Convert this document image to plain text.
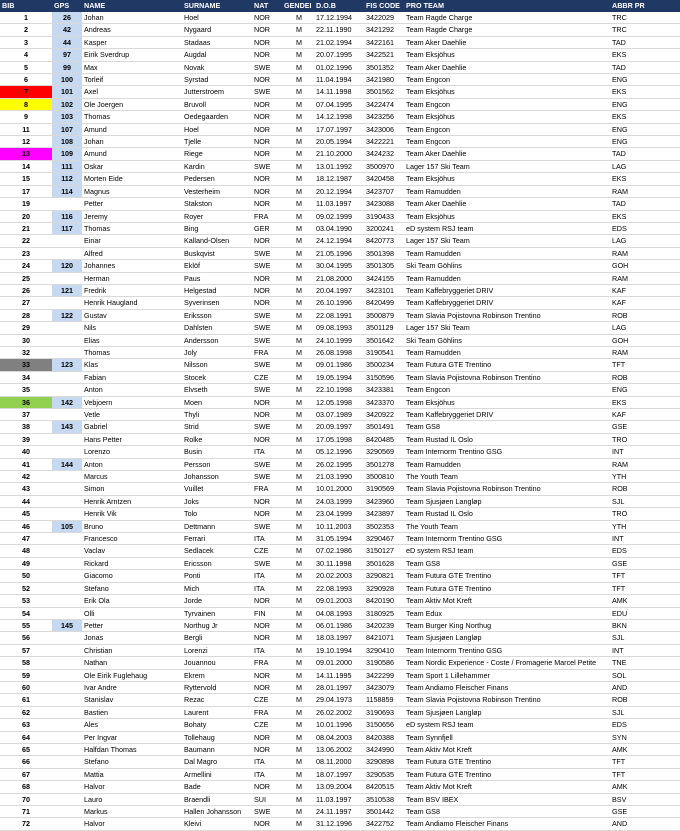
BIB	GPS	NAME	SURNAME	NAT	GENDEI	D.O.B	FIS CODE	PRO TEAM	ABBR PR
1	26	Johan	Hoel	NOR	M	17.12.1994	3422029	Team Ragde Charge	TRC
2	42	Andreas	Nygaard	NOR	M	22.11.1990	3421292	Team Ragde Charge	TRC
3	44	Kasper	Stadaas	NOR	M	21.02.1994	3422161	Team Aker Daehlie	TAD
4	97	Eirik Sverdrup	Augdal	NOR	M	20.07.1995	3422521	Team Eksjöhus	EKS
5	99	Max	Novak	SWE	M	01.02.1996	3501352	Team Aker Daehlie	TAD
6	100	Torleif	Syrstad	NOR	M	11.04.1994	3421980	Team Engcon	ENG
7	101	Axel	Jutterstroem	SWE	M	14.11.1998	3501562	Team Eksjöhus	EKS
8	102	Ole Joergen	Bruvoll	NOR	M	07.04.1995	3422474	Team Engcon	ENG
9	103	Thomas	Oedegaarden	NOR	M	14.12.1998	3423256	Team Eksjöhus	EKS
11	107	Amund	Hoel	NOR	M	17.07.1997	3423006	Team Engcon	ENG
12	108	Johan	Tjelle	NOR	M	20.05.1994	3422221	Team Engcon	ENG
13	109	Amund	Riege	NOR	M	21.10.2000	3424232	Team Aker Daehlie	TAD
14	111	Oskar	Kardin	SWE	M	13.01.1992	3500970	Lager 157 Ski Team	LAG
15	112	Morten Eide	Pedersen	NOR	M	18.12.1987	3420458	Team Eksjöhus	EKS
17	114	Magnus	Vesterheim	NOR	M	20.12.1994	3423707	Team Ramudden	RAM
19		Petter	Stakston	NOR	M	11.03.1997	3423088	Team Aker Daehlie	TAD
20	116	Jeremy	Royer	FRA	M	09.02.1999	3190433	Team Eksjöhus	EKS
21	117	Thomas	Bing	GER	M	03.04.1990	3200241	eD system RSJ team	EDS
22		Einar	Kalland-Olsen	NOR	M	24.12.1994	8420773	Lager 157 Ski Team	LAG
23		Alfred	Buskqvist	SWE	M	21.05.1996	3501398	Team Ramudden	RAM
24	120	Johannes	Eklöf	SWE	M	30.04.1995	3501305	Ski Team Göhlins	GOH
25		Herman	Paus	NOR	M	21.08.2000	3424155	Team Ramudden	RAM
26	121	Fredrik	Helgestad	NOR	M	20.04.1997	3423101	Team Kaffebryggeriet DRIV	KAF
27		Henrik Haugland	Syverinsen	NOR	M	26.10.1996	8420499	Team Kaffebryggeriet DRIV	KAF
28	122	Gustav	Eriksson	SWE	M	22.08.1991	3500879	Team Slavia Pojistovna Robinson Trentino	ROB
29		Nils	Dahlsten	SWE	M	09.08.1993	3501129	Lager 157 Ski Team	LAG
30		Elias	Andersson	SWE	M	24.10.1999	3501642	Ski Team Göhlins	GOH
32		Thomas	Joly	FRA	M	26.08.1998	3190541	Team Ramudden	RAM
33	123	Klas	Nilsson	SWE	M	09.01.1986	3500234	Team Futura GTE Trentino	TFT
34		Fabian	Stocek	CZE	M	19.05.1994	3150596	Team Slavia Pojistovna Robinson Trentino	ROB
35		Anton	Elvseth	SWE	M	22.10.1998	3423381	Team Engcon	ENG
36	142	Vebjoern	Moen	NOR	M	12.05.1998	3423370	Team Eksjöhus	EKS
37		Vetle	Thyli	NOR	M	03.07.1989	3420922	Team Kaffebryggeriet DRIV	KAF
38	143	Gabriel	Strid	SWE	M	20.09.1997	3501491	Team GS8	GSE
39		Hans Petter	Rolke	NOR	M	17.05.1998	8420485	Team Rustad IL Oslo	TRO
40		Lorenzo	Busin	ITA	M	05.12.1996	3290569	Team Internorm Trentino GSG	INT
41	144	Anton	Persson	SWE	M	26.02.1995	3501278	Team Ramudden	RAM
42		Marcus	Johansson	SWE	M	21.03.1990	3500810	The Youth Team	YTH
43		Simon	Vuillet	FRA	M	10.01.2000	3190569	Team Slavia Pojistovna Robinson Trentino	ROB
44		Henrik Arntzen	Joks	NOR	M	24.03.1999	3423960	Team Sjusjøen Langløp	SJL
45		Henrik Vik	Tolo	NOR	M	23.04.1999	3423897	Team Rustad IL Oslo	TRO
46	105	Bruno	Dettmann	SWE	M	10.11.2003	3502353	The Youth Team	YTH
47		Francesco	Ferrari	ITA	M	31.05.1994	3290467	Team Internorm Trentino GSG	INT
48		Vaclav	Sedlacek	CZE	M	07.02.1986	3150127	eD system RSJ team	EDS
49		Rickard	Ericsson	SWE	M	30.11.1998	3501628	Team GS8	GSE
50		Giacomo	Ponti	ITA	M	20.02.2003	3290821	Team Futura GTE Trentino	TFT
52		Stefano	Mich	ITA	M	22.08.1993	3290928	Team Futura GTE Trentino	TFT
53		Erik Ola	Jorde	NOR	M	09.01.2003	8420190	Team Aktiv Mot Kreft	AMK
54		Olli	Tyrvainen	FIN	M	04.08.1993	3180925	Team Edux	EDU
55	145	Petter	Northug Jr	NOR	M	06.01.1986	3420239	Team Burger King Northug	BKN
56		Jonas	Bergli	NOR	M	18.03.1997	8421071	Team Sjusjøen Langløp	SJL
57		Christian	Lorenzi	ITA	M	19.10.1994	3290410	Team Internorm Trentino GSG	INT
58		Nathan	Jouannou	FRA	M	09.01.2000	3190586	Team Nordic Experience - Coste / Fromagerie Marcel Petite	TNE
59		Ole Eirik Fuglehaug	Ekrem	NOR	M	14.11.1995	3422299	Team Sport 1 Lillehammer	SOL
60		Ivar Andre	Ryttervold	NOR	M	28.01.1997	3423079	Team Andiamo Fleischer Finans	AND
61		Stanislav	Rezac	CZE	M	29.04.1973	1158859	Team Slavia Pojistovna Robinson Trentino	ROB
62		Bastien	Laurent	FRA	M	26.02.2002	3190693	Team Sjusjøen Langløp	SJL
63		Ales	Bohaty	CZE	M	10.01.1996	3150656	eD system RSJ team	EDS
64		Per Ingvar	Tollehaug	NOR	M	08.04.2003	8420388	Team Synnfjell	SYN
65		Halfdan Thomas	Baumann	NOR	M	13.06.2002	3424990	Team Aktiv Mot Kreft	AMK
66		Stefano	Dal Magro	ITA	M	08.11.2000	3290898	Team Futura GTE Trentino	TFT
67		Mattia	Armellini	ITA	M	18.07.1997	3290535	Team Futura GTE Trentino	TFT
68		Halvor	Bade	NOR	M	13.09.2004	8420515	Team Aktiv Mot Kreft	AMK
70		Lauro	Braendli	SUI	M	11.03.1997	3510538	Team BSV IBEX	BSV
71		Markus	Hallen Johansson	SWE	M	24.11.1997	3501442	Team GS8	GSE
72		Halvor	Kleivi	NOR	M	31.12.1996	3422752	Team Andiamo Fleischer Finans	AND
